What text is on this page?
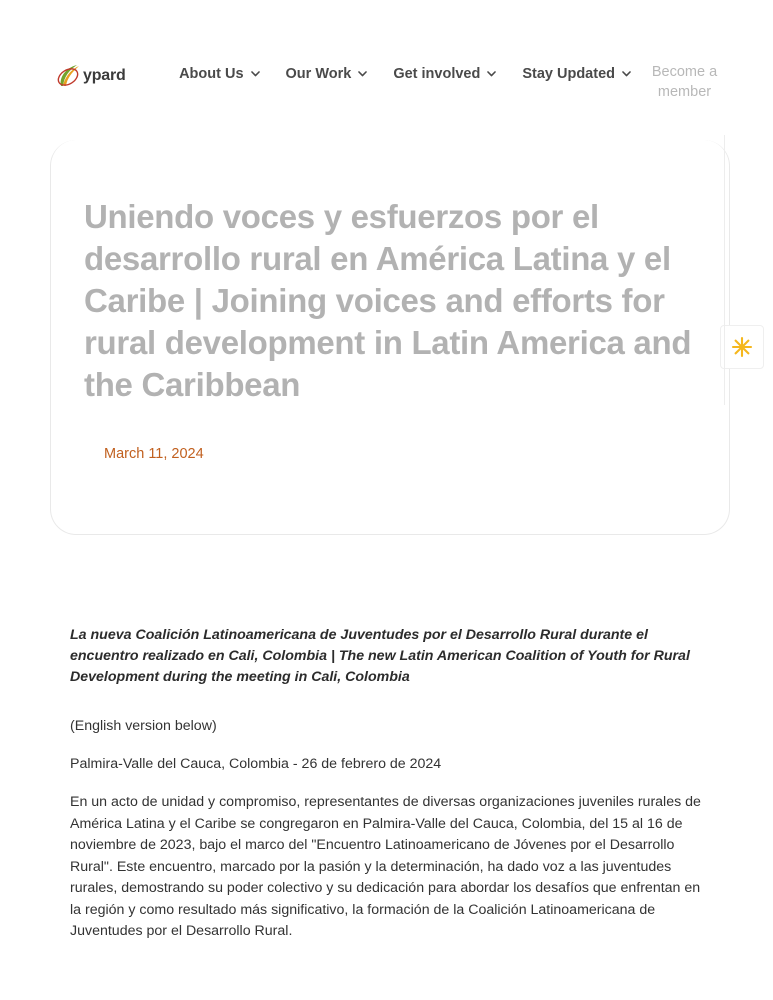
ypard	About Us	Our Work	Get involved	Stay Updated	Become a member
Uniendo voces y esfuerzos por el desarrollo rural en América Latina y el Caribe | Joining voices and efforts for rural development in Latin America and the Caribbean
March 11, 2024

La nueva Coalición Latinoamericana de Juventudes por el Desarrollo Rural durante el encuentro realizado en Cali, Colombia | The new Latin American Coalition of Youth for Rural Development during the meeting in Cali, Colombia

(English version below)

Palmira-Valle del Cauca, Colombia - 26 de febrero de 2024

En un acto de unidad y compromiso, representantes de diversas organizaciones juveniles rurales de América Latina y el Caribe se congregaron en Palmira-Valle del Cauca, Colombia, del 15 al 16 de noviembre de 2023, bajo el marco del "Encuentro Latinoamericano de Jóvenes por el Desarrollo Rural". Este encuentro, marcado por la pasión y la determinación, ha dado voz a las juventudes rurales, demostrando su poder colectivo y su dedicación para abordar los desafíos que enfrentan en la región y como resultado más significativo, la formación de la Coalición Latinoamericana de Juventudes por el Desarrollo Rural.
